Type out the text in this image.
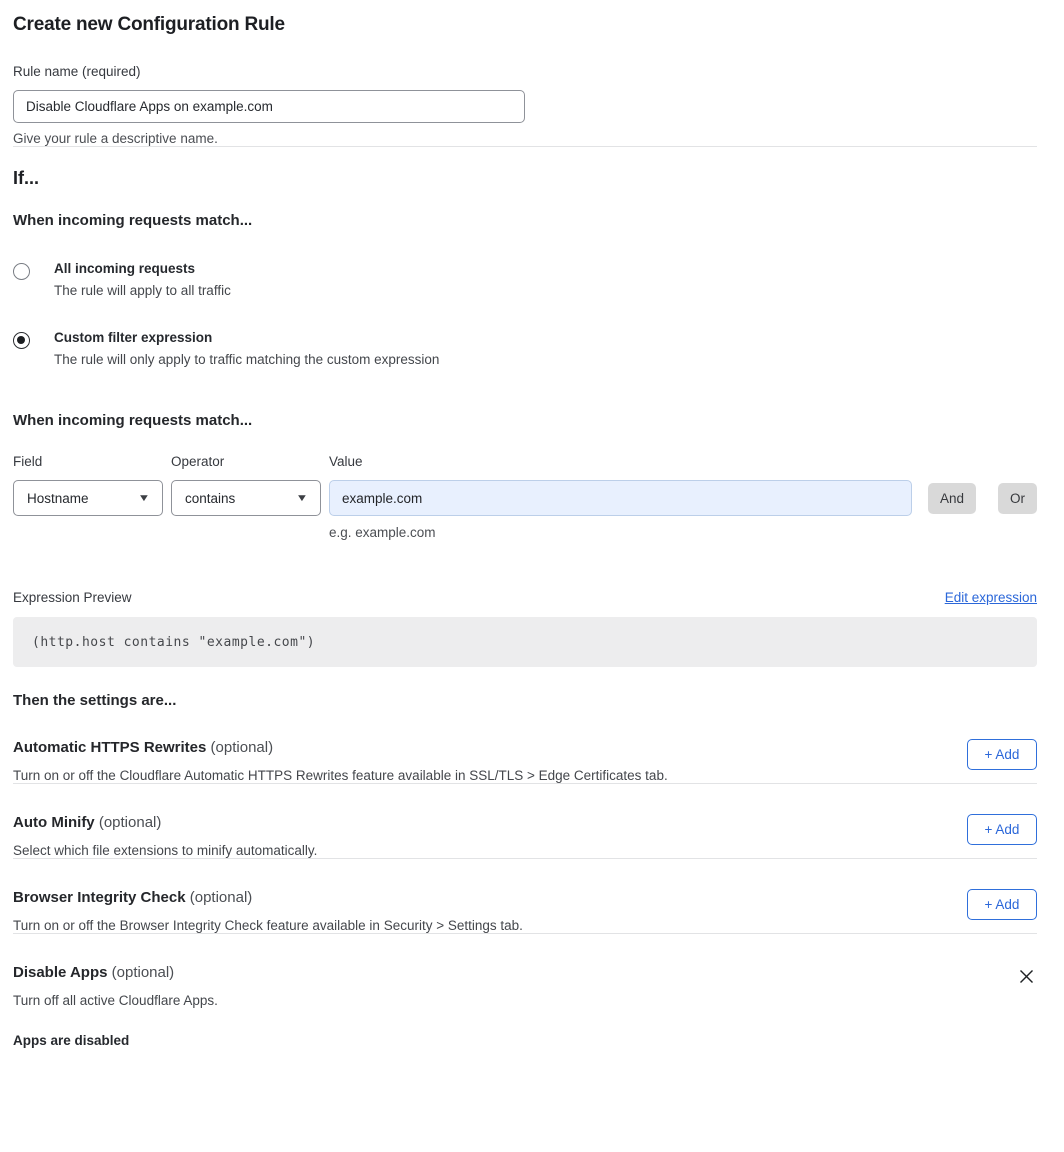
Create new Configuration Rule
Rule name (required)
Disable Cloudflare Apps on example.com
Give your rule a descriptive name.
If...
When incoming requests match...
All incoming requests
The rule will apply to all traffic
Custom filter expression
The rule will only apply to traffic matching the custom expression
When incoming requests match...
Field
Hostname	▼
Operator
contains	▼
Value
example.com
e.g. example.com
And	Or
Expression Preview	Edit expression
(http.host contains "example.com")
Then the settings are...
Automatic HTTPS Rewrites (optional)
Turn on or off the Cloudflare Automatic HTTPS Rewrites feature available in SSL/TLS > Edge Certificates tab.
+ Add
Auto Minify (optional)
Select which file extensions to minify automatically.
+ Add
Browser Integrity Check (optional)
Turn on or off the Browser Integrity Check feature available in Security > Settings tab.
+ Add
Disable Apps (optional)
Turn off all active Cloudflare Apps.
Apps are disabled
